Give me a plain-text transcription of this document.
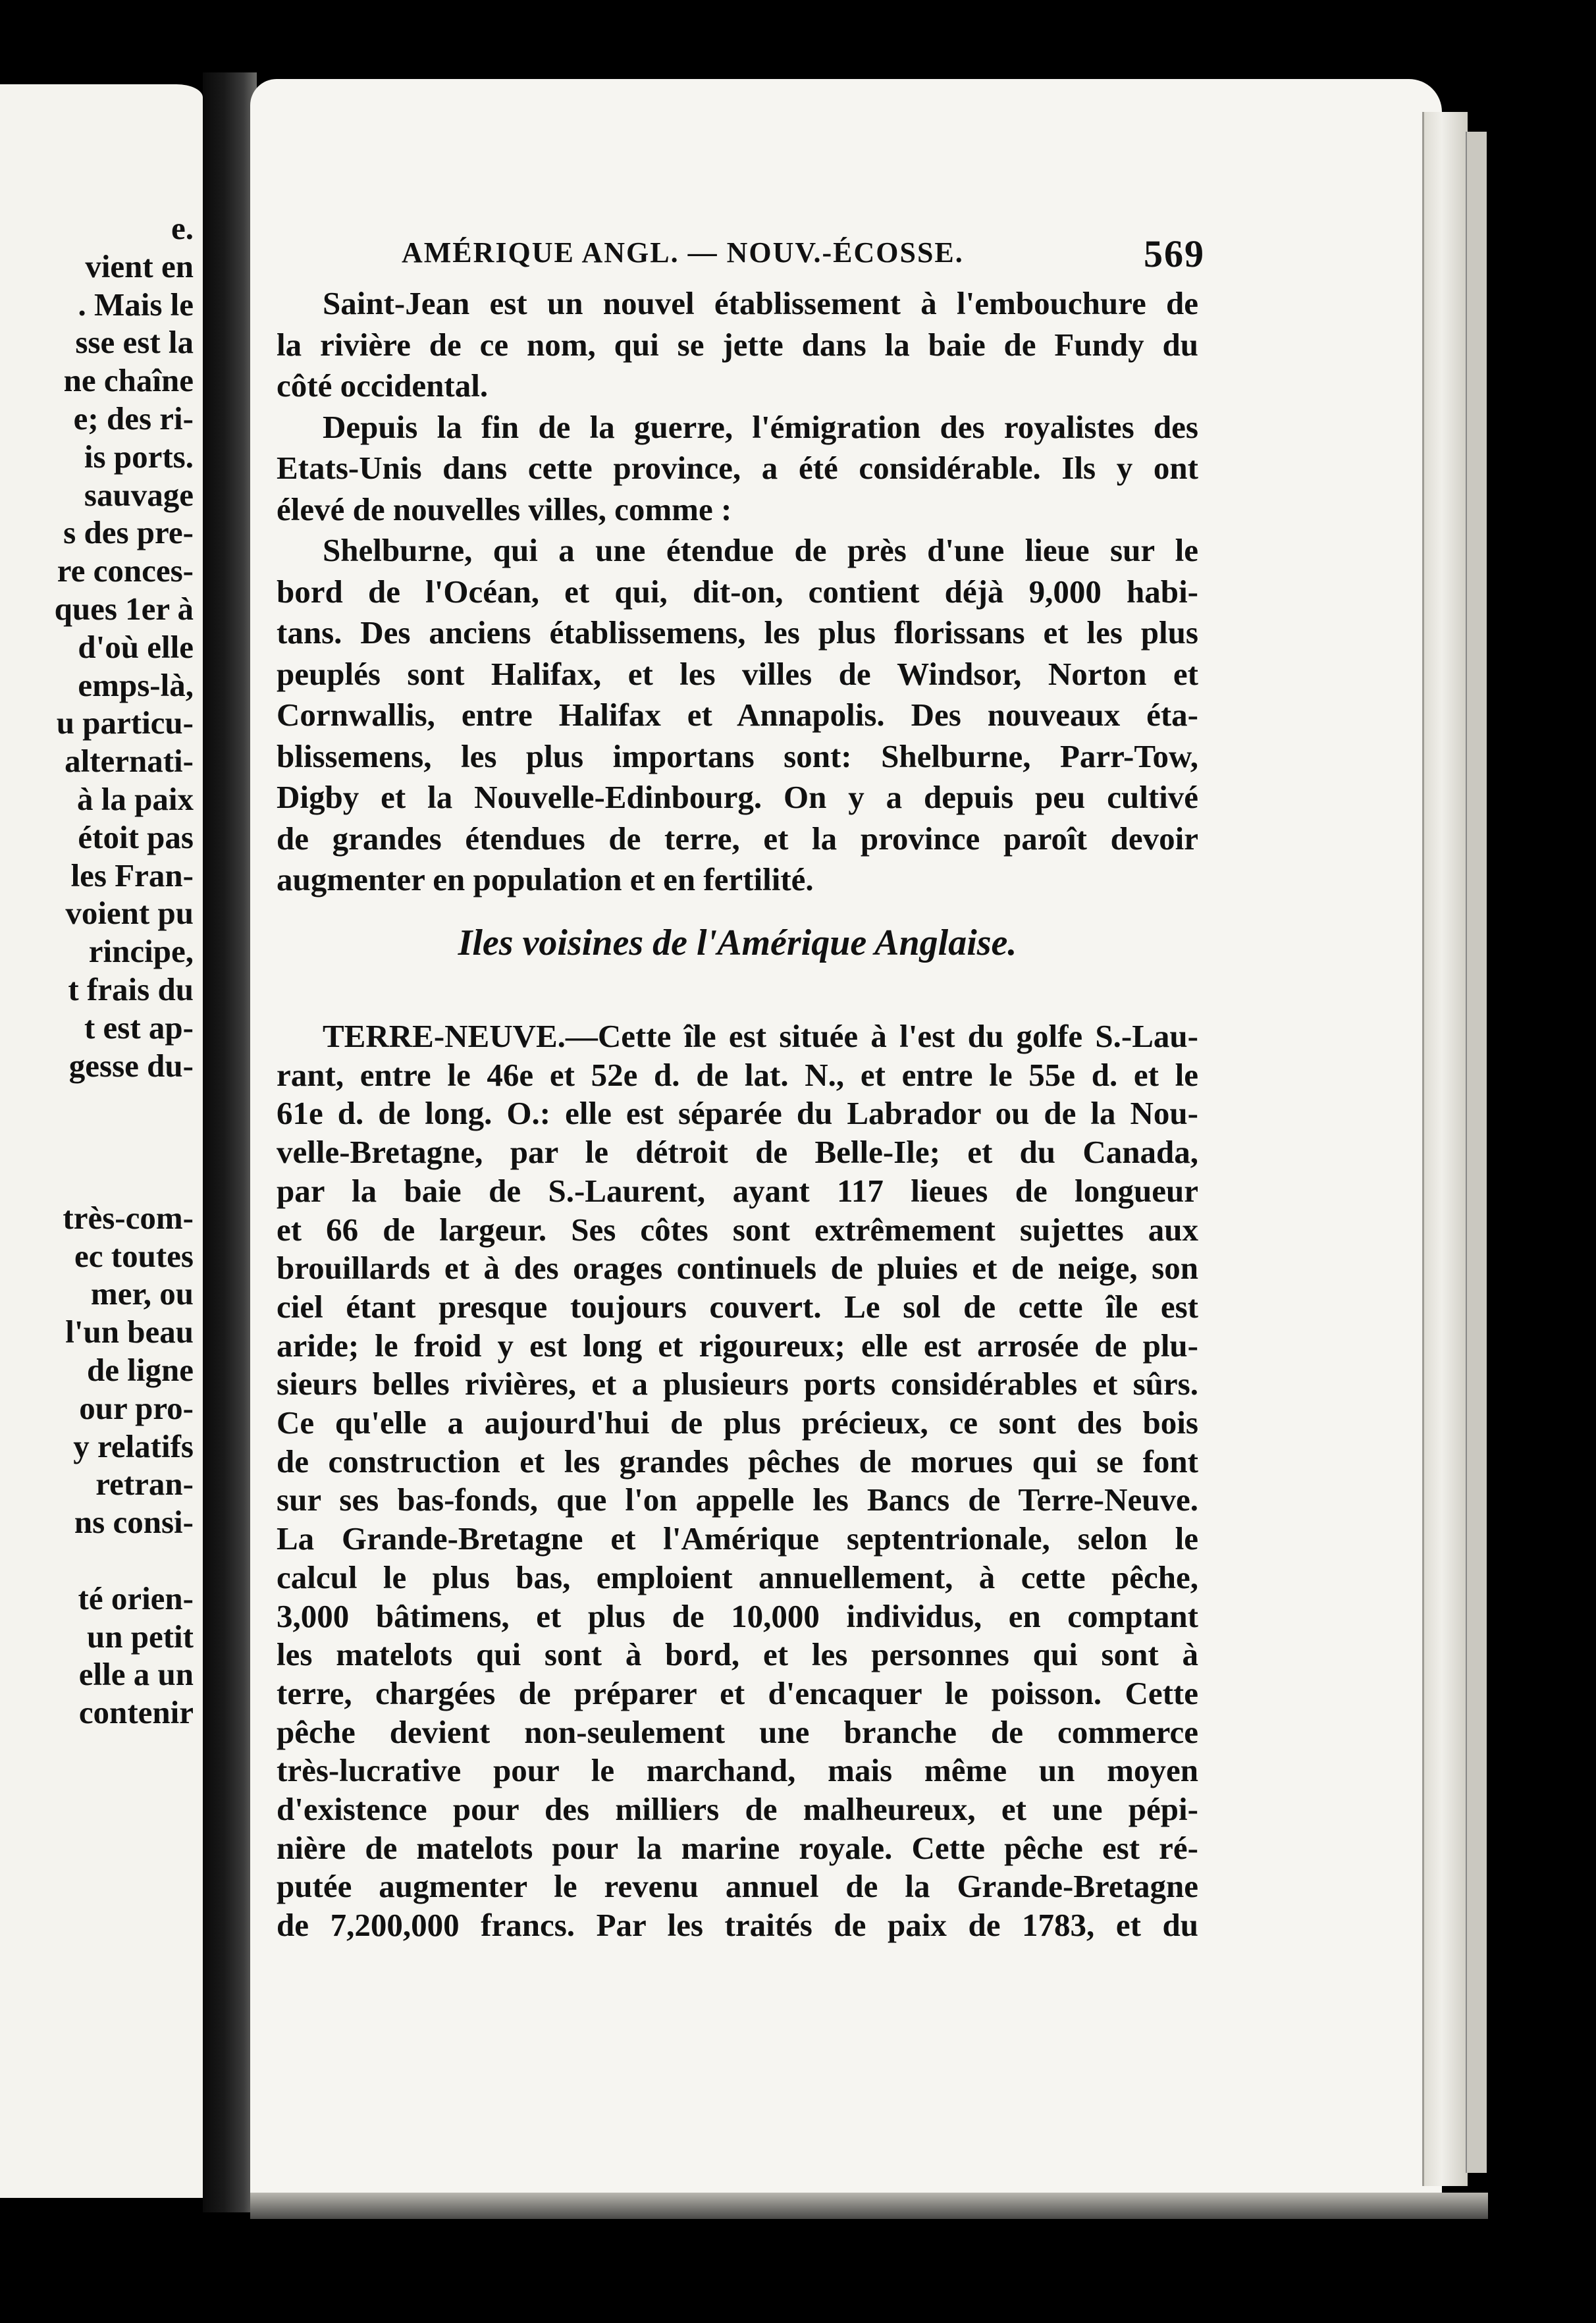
e.
vient en
. Mais le
sse est la
ne chaîne
e; des ri-
is ports.
sauvage
s des pre-
re conces-
ques 1er à
d'où elle
emps-là,
u particu-
alternati-
à la paix
étoit pas
les Fran-
voient pu
rincipe,
t frais du
t est ap-
gesse du-
très-com-
ec toutes
mer, ou
l'un beau
de ligne
our pro-
y relatifs
retran-
ns consi-
té orien-
un petit
elle a un
contenir
AMÉRIQUE ANGL. — NOUV.-ÉCOSSE.	569
Saint-Jean est un nouvel établissement à l'embouchure de
la rivière de ce nom, qui se jette dans la baie de Fundy du
côté occidental.
Depuis la fin de la guerre, l'émigration des royalistes des
Etats-Unis dans cette province, a été considérable. Ils y ont
élevé de nouvelles villes, comme :
Shelburne, qui a une étendue de près d'une lieue sur le
bord de l'Océan, et qui, dit-on, contient déjà 9,000 habi-
tans. Des anciens établissemens, les plus florissans et les plus
peuplés sont Halifax, et les villes de Windsor, Norton et
Cornwallis, entre Halifax et Annapolis. Des nouveaux éta-
blissemens, les plus importans sont: Shelburne, Parr-Tow,
Digby et la Nouvelle-Edinbourg. On y a depuis peu cultivé
de grandes étendues de terre, et la province paroît devoir
augmenter en population et en fertilité.
Iles voisines de l'Amérique Anglaise.
TERRE-NEUVE.—Cette île est située à l'est du golfe S.-Lau-
rant, entre le 46e et 52e d. de lat. N., et entre le 55e d. et le
61e d. de long. O.: elle est séparée du Labrador ou de la Nou-
velle-Bretagne, par le détroit de Belle-Ile; et du Canada,
par la baie de S.-Laurent, ayant 117 lieues de longueur
et 66 de largeur. Ses côtes sont extrêmement sujettes aux
brouillards et à des orages continuels de pluies et de neige, son
ciel étant presque toujours couvert. Le sol de cette île est
aride; le froid y est long et rigoureux; elle est arrosée de plu-
sieurs belles rivières, et a plusieurs ports considérables et sûrs.
Ce qu'elle a aujourd'hui de plus précieux, ce sont des bois
de construction et les grandes pêches de morues qui se font
sur ses bas-fonds, que l'on appelle les Bancs de Terre-Neuve.
La Grande-Bretagne et l'Amérique septentrionale, selon le
calcul le plus bas, emploient annuellement, à cette pêche,
3,000 bâtimens, et plus de 10,000 individus, en comptant
les matelots qui sont à bord, et les personnes qui sont à
terre, chargées de préparer et d'encaquer le poisson. Cette
pêche devient non-seulement une branche de commerce
très-lucrative pour le marchand, mais même un moyen
d'existence pour des milliers de malheureux, et une pépi-
nière de matelots pour la marine royale. Cette pêche est ré-
putée augmenter le revenu annuel de la Grande-Bretagne
de 7,200,000 francs. Par les traités de paix de 1783, et du
